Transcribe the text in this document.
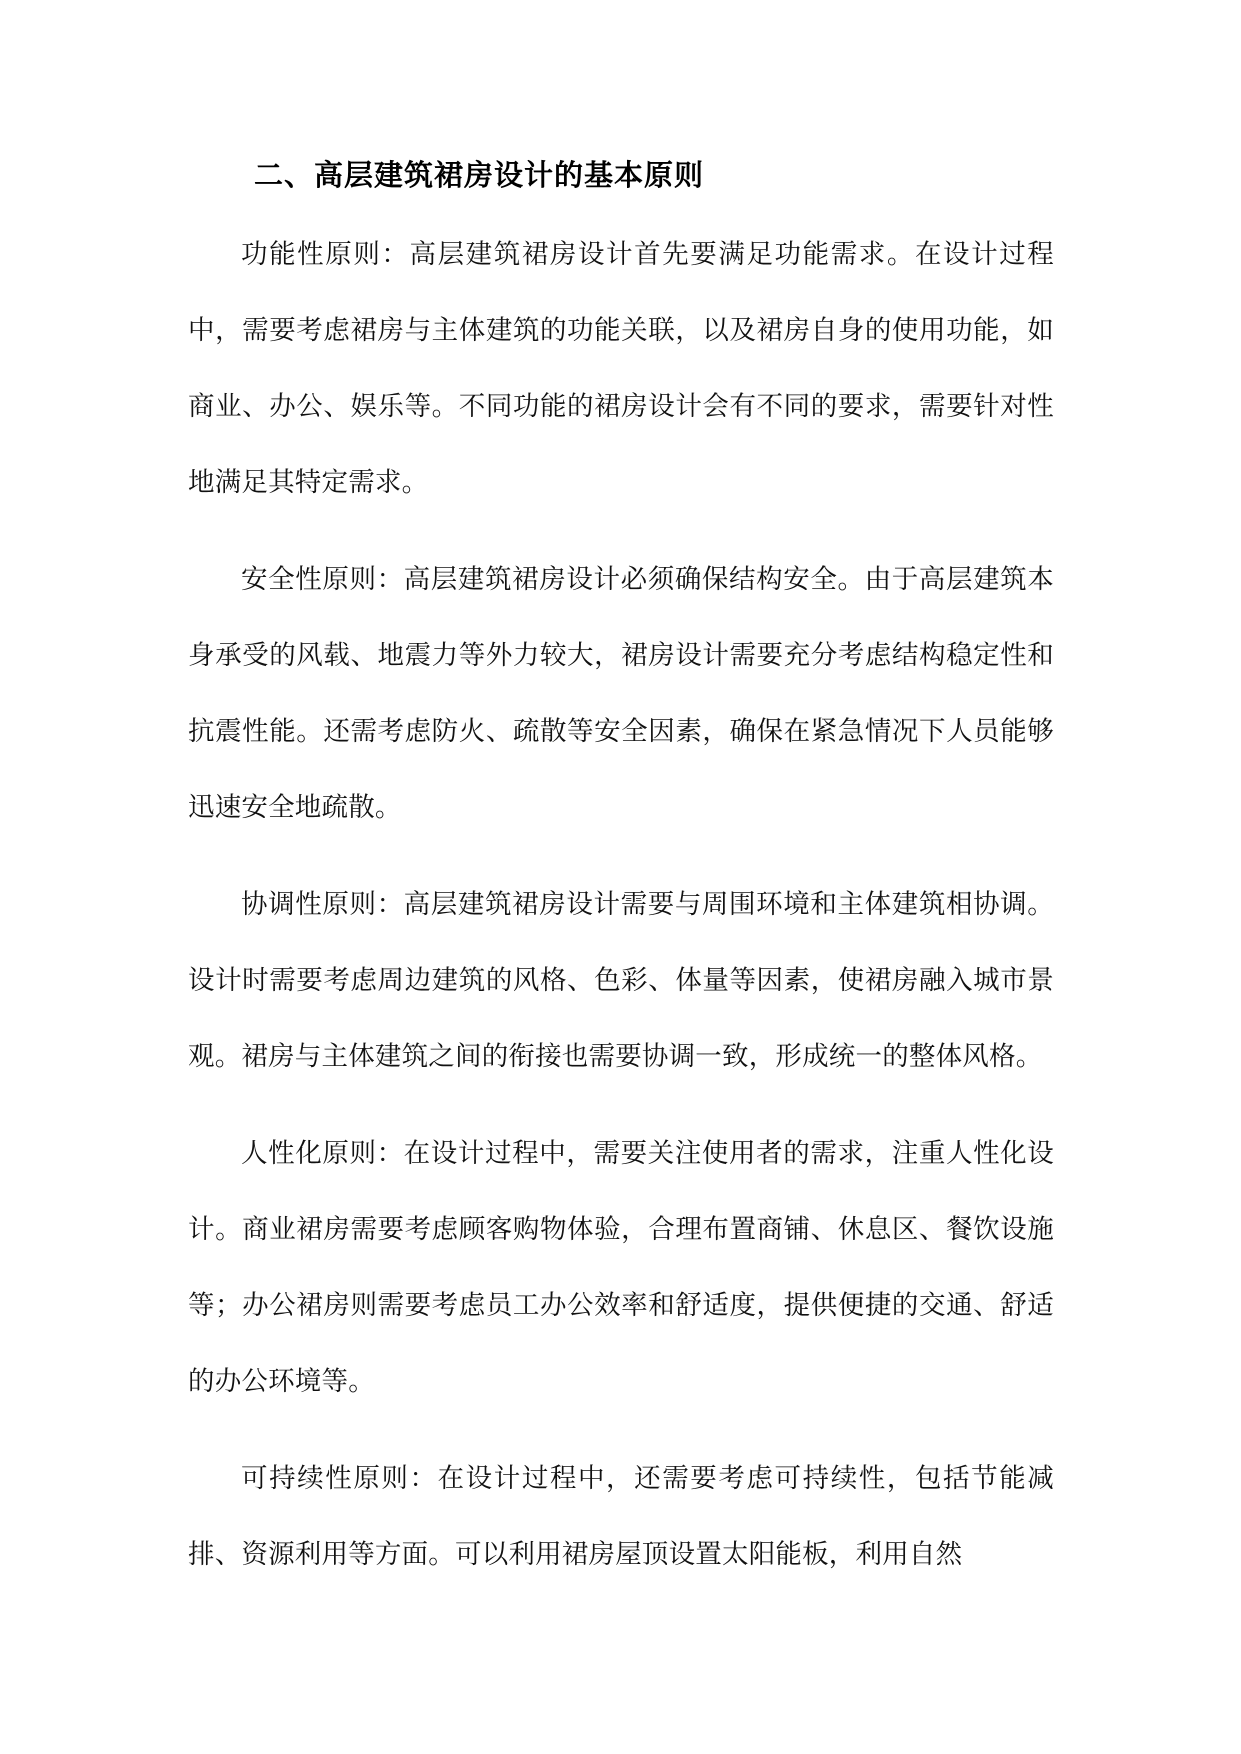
二、高层建筑裙房设计的基本原则

功能性原则：高层建筑裙房设计首先要满足功能需求。在设计过程中，需要考虑裙房与主体建筑的功能关联，以及裙房自身的使用功能，如商业、办公、娱乐等。不同功能的裙房设计会有不同的要求，需要针对性地满足其特定需求。

安全性原则：高层建筑裙房设计必须确保结构安全。由于高层建筑本身承受的风载、地震力等外力较大，裙房设计需要充分考虑结构稳定性和抗震性能。还需考虑防火、疏散等安全因素，确保在紧急情况下人员能够迅速安全地疏散。

协调性原则：高层建筑裙房设计需要与周围环境和主体建筑相协调。设计时需要考虑周边建筑的风格、色彩、体量等因素，使裙房融入城市景观。裙房与主体建筑之间的衔接也需要协调一致，形成统一的整体风格。

人性化原则：在设计过程中，需要关注使用者的需求，注重人性化设计。商业裙房需要考虑顾客购物体验，合理布置商铺、休息区、餐饮设施等；办公裙房则需要考虑员工办公效率和舒适度，提供便捷的交通、舒适的办公环境等。

可持续性原则：在设计过程中，还需要考虑可持续性，包括节能减排、资源利用等方面。可以利用裙房屋顶设置太阳能板，利用自然
